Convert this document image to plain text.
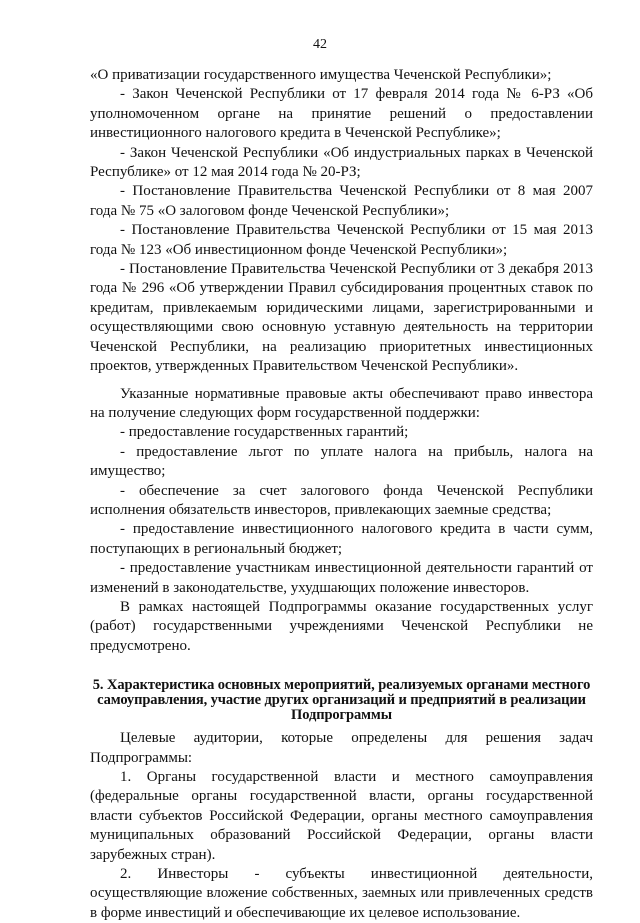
42

«О приватизации государственного имущества Чеченской Республики»;

- Закон Чеченской Республики от 17 февраля 2014 года № 6-РЗ «Об уполномоченном органе на принятие решений о предоставлении инвестиционного налогового кредита в Чеченской Республике»;

- Закон Чеченской Республики «Об индустриальных парках в Чеченской Республике» от 12 мая 2014 года № 20-РЗ;

- Постановление Правительства Чеченской Республики от 8 мая 2007 года № 75 «О залоговом фонде Чеченской Республики»;

- Постановление Правительства Чеченской Республики от 15 мая 2013 года № 123 «Об инвестиционном фонде Чеченской Республики»;

- Постановление Правительства Чеченской Республики от 3 декабря 2013 года № 296 «Об утверждении Правил субсидирования процентных ставок по кредитам, привлекаемым юридическими лицами, зарегистрированными и осуществляющими свою основную уставную деятельность на территории Чеченской Республики, на реализацию приоритетных инвестиционных проектов, утвержденных Правительством Чеченской Республики».

Указанные нормативные правовые акты обеспечивают право инвестора на получение следующих форм государственной поддержки:

- предоставление государственных гарантий;

- предоставление льгот по уплате налога на прибыль, налога на имущество;

- обеспечение за счет залогового фонда Чеченской Республики исполнения обязательств инвесторов, привлекающих заемные средства;

- предоставление инвестиционного налогового кредита в части сумм, поступающих в региональный бюджет;

- предоставление участникам инвестиционной деятельности гарантий от изменений в законодательстве, ухудшающих положение инвесторов.

В рамках настоящей Подпрограммы оказание государственных услуг (работ) государственными учреждениями Чеченской Республики не предусмотрено.

5. Характеристика основных мероприятий, реализуемых органами местного самоуправления, участие других организаций и предприятий в реализации Подпрограммы

Целевые аудитории, которые определены для решения задач Подпрограммы:

1. Органы государственной власти и местного самоуправления (федеральные органы государственной власти, органы государственной власти субъектов Российской Федерации, органы местного самоуправления муниципальных образований Российской Федерации, органы власти зарубежных стран).

2. Инвесторы - субъекты инвестиционной деятельности, осуществляющие вложение собственных, заемных или привлеченных средств в форме инвестиций и обеспечивающие их целевое использование.
